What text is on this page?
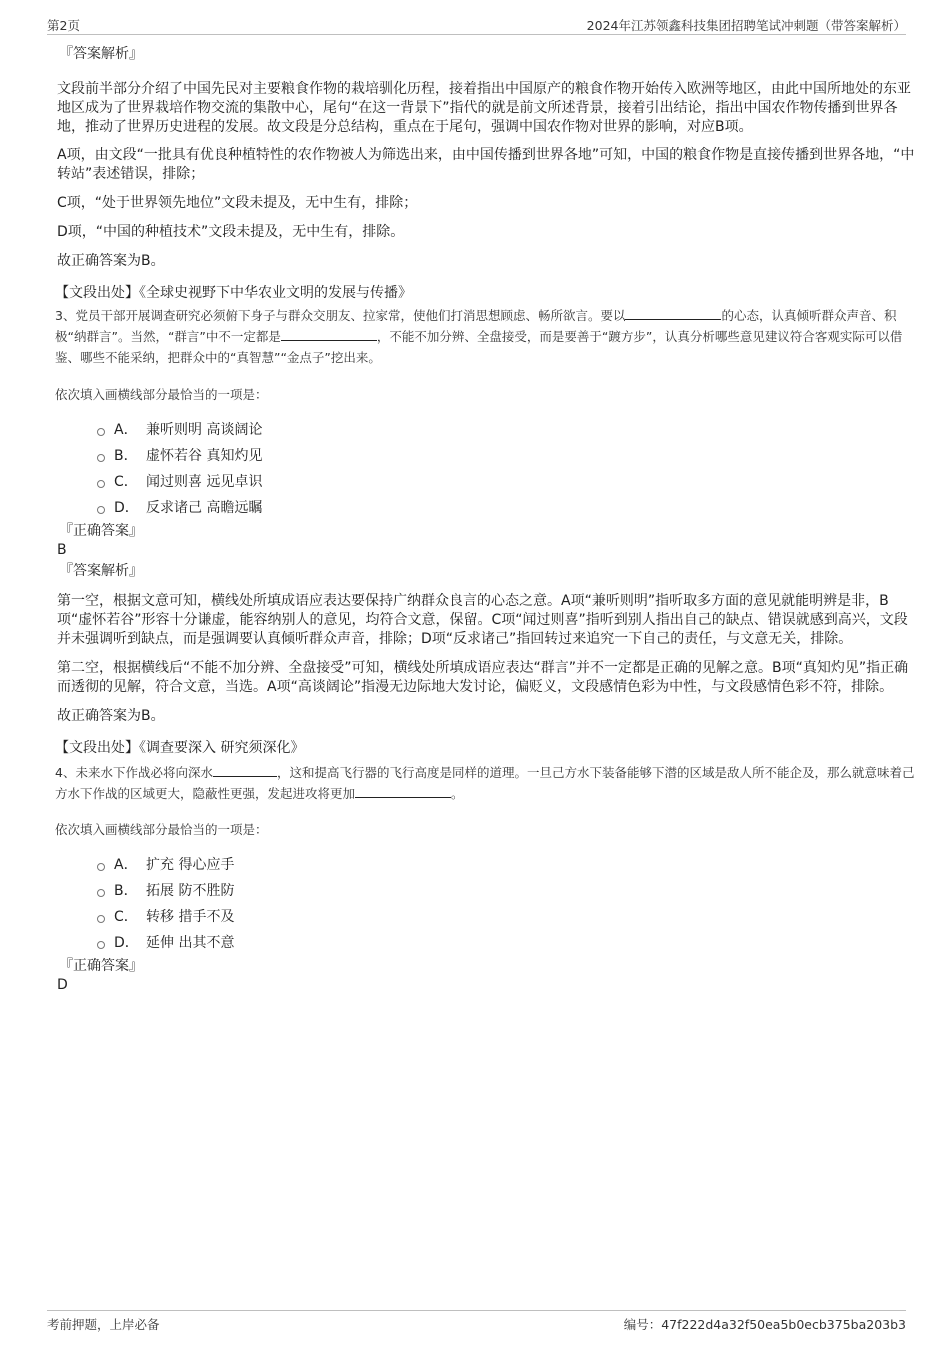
第2页	2024年江苏领鑫科技集团招聘笔试冲刺题（带答案解析）
『答案解析』

文段前半部分介绍了中国先民对主要粮食作物的栽培驯化历程，接着指出中国原产的粮食作物开始传入欧洲等地区，由此中国所地处的东亚地区成为了世界栽培作物交流的集散中心，尾句“在这一背景下”指代的就是前文所述背景，接着引出结论，指出中国农作物传播到世界各地，推动了世界历史进程的发展。故文段是分总结构，重点在于尾句，强调中国农作物对世界的影响，对应B项。

A项，由文段“一批具有优良种植特性的农作物被人为筛选出来，由中国传播到世界各地”可知，中国的粮食作物是直接传播到世界各地，“中转站”表述错误，排除；

C项，“处于世界领先地位”文段未提及，无中生有，排除；

D项，“中国的种植技术”文段未提及，无中生有，排除。

故正确答案为B。

【文段出处】《全球史视野下中华农业文明的发展与传播》
3、党员干部开展调查研究必须俯下身子与群众交朋友、拉家常，使他们打消思想顾虑、畅所欲言。要以	的心态，认真倾听群众声音、积极“纳群言”。当然，“群言”中不一定都是	，不能不加分辨、全盘接受，而是要善于“踱方步”，认真分析哪些意见建议符合客观实际可以借鉴、哪些不能采纳，把群众中的“真智慧”“金点子”挖出来。
依次填入画横线部分最恰当的一项是：
A． 兼听则明 高谈阔论
B． 虚怀若谷 真知灼见
C． 闻过则喜 远见卓识
D． 反求诸己 高瞻远瞩
『正确答案』
B
『答案解析』

第一空，根据文意可知，横线处所填成语应表达要保持广纳群众良言的心态之意。A项“兼听则明”指听取多方面的意见就能明辨是非，B项“虚怀若谷”形容十分谦虚，能容纳别人的意见，均符合文意，保留。C项“闻过则喜”指听到别人指出自己的缺点、错误就感到高兴，文段并未强调听到缺点，而是强调要认真倾听群众声音，排除；D项“反求诸己”指回转过来追究一下自己的责任，与文意无关，排除。

第二空，根据横线后“不能不加分辨、全盘接受”可知，横线处所填成语应表达“群言”并不一定都是正确的见解之意。B项“真知灼见”指正确而透彻的见解，符合文意，当选。A项“高谈阔论”指漫无边际地大发讨论，偏贬义，文段感情色彩为中性，与文段感情色彩不符，排除。

故正确答案为B。

【文段出处】《调查要深入 研究须深化》
4、未来水下作战必将向深水	，这和提高飞行器的飞行高度是同样的道理。一旦己方水下装备能够下潜的区域是敌人所不能企及，那么就意味着己方水下作战的区域更大，隐蔽性更强，发起进攻将更加	。
依次填入画横线部分最恰当的一项是：
A． 扩充 得心应手
B． 拓展 防不胜防
C． 转移 措手不及
D． 延伸 出其不意
『正确答案』
D
考前押题，上岸必备	编号：47f222d4a32f50ea5b0ecb375ba203b3
